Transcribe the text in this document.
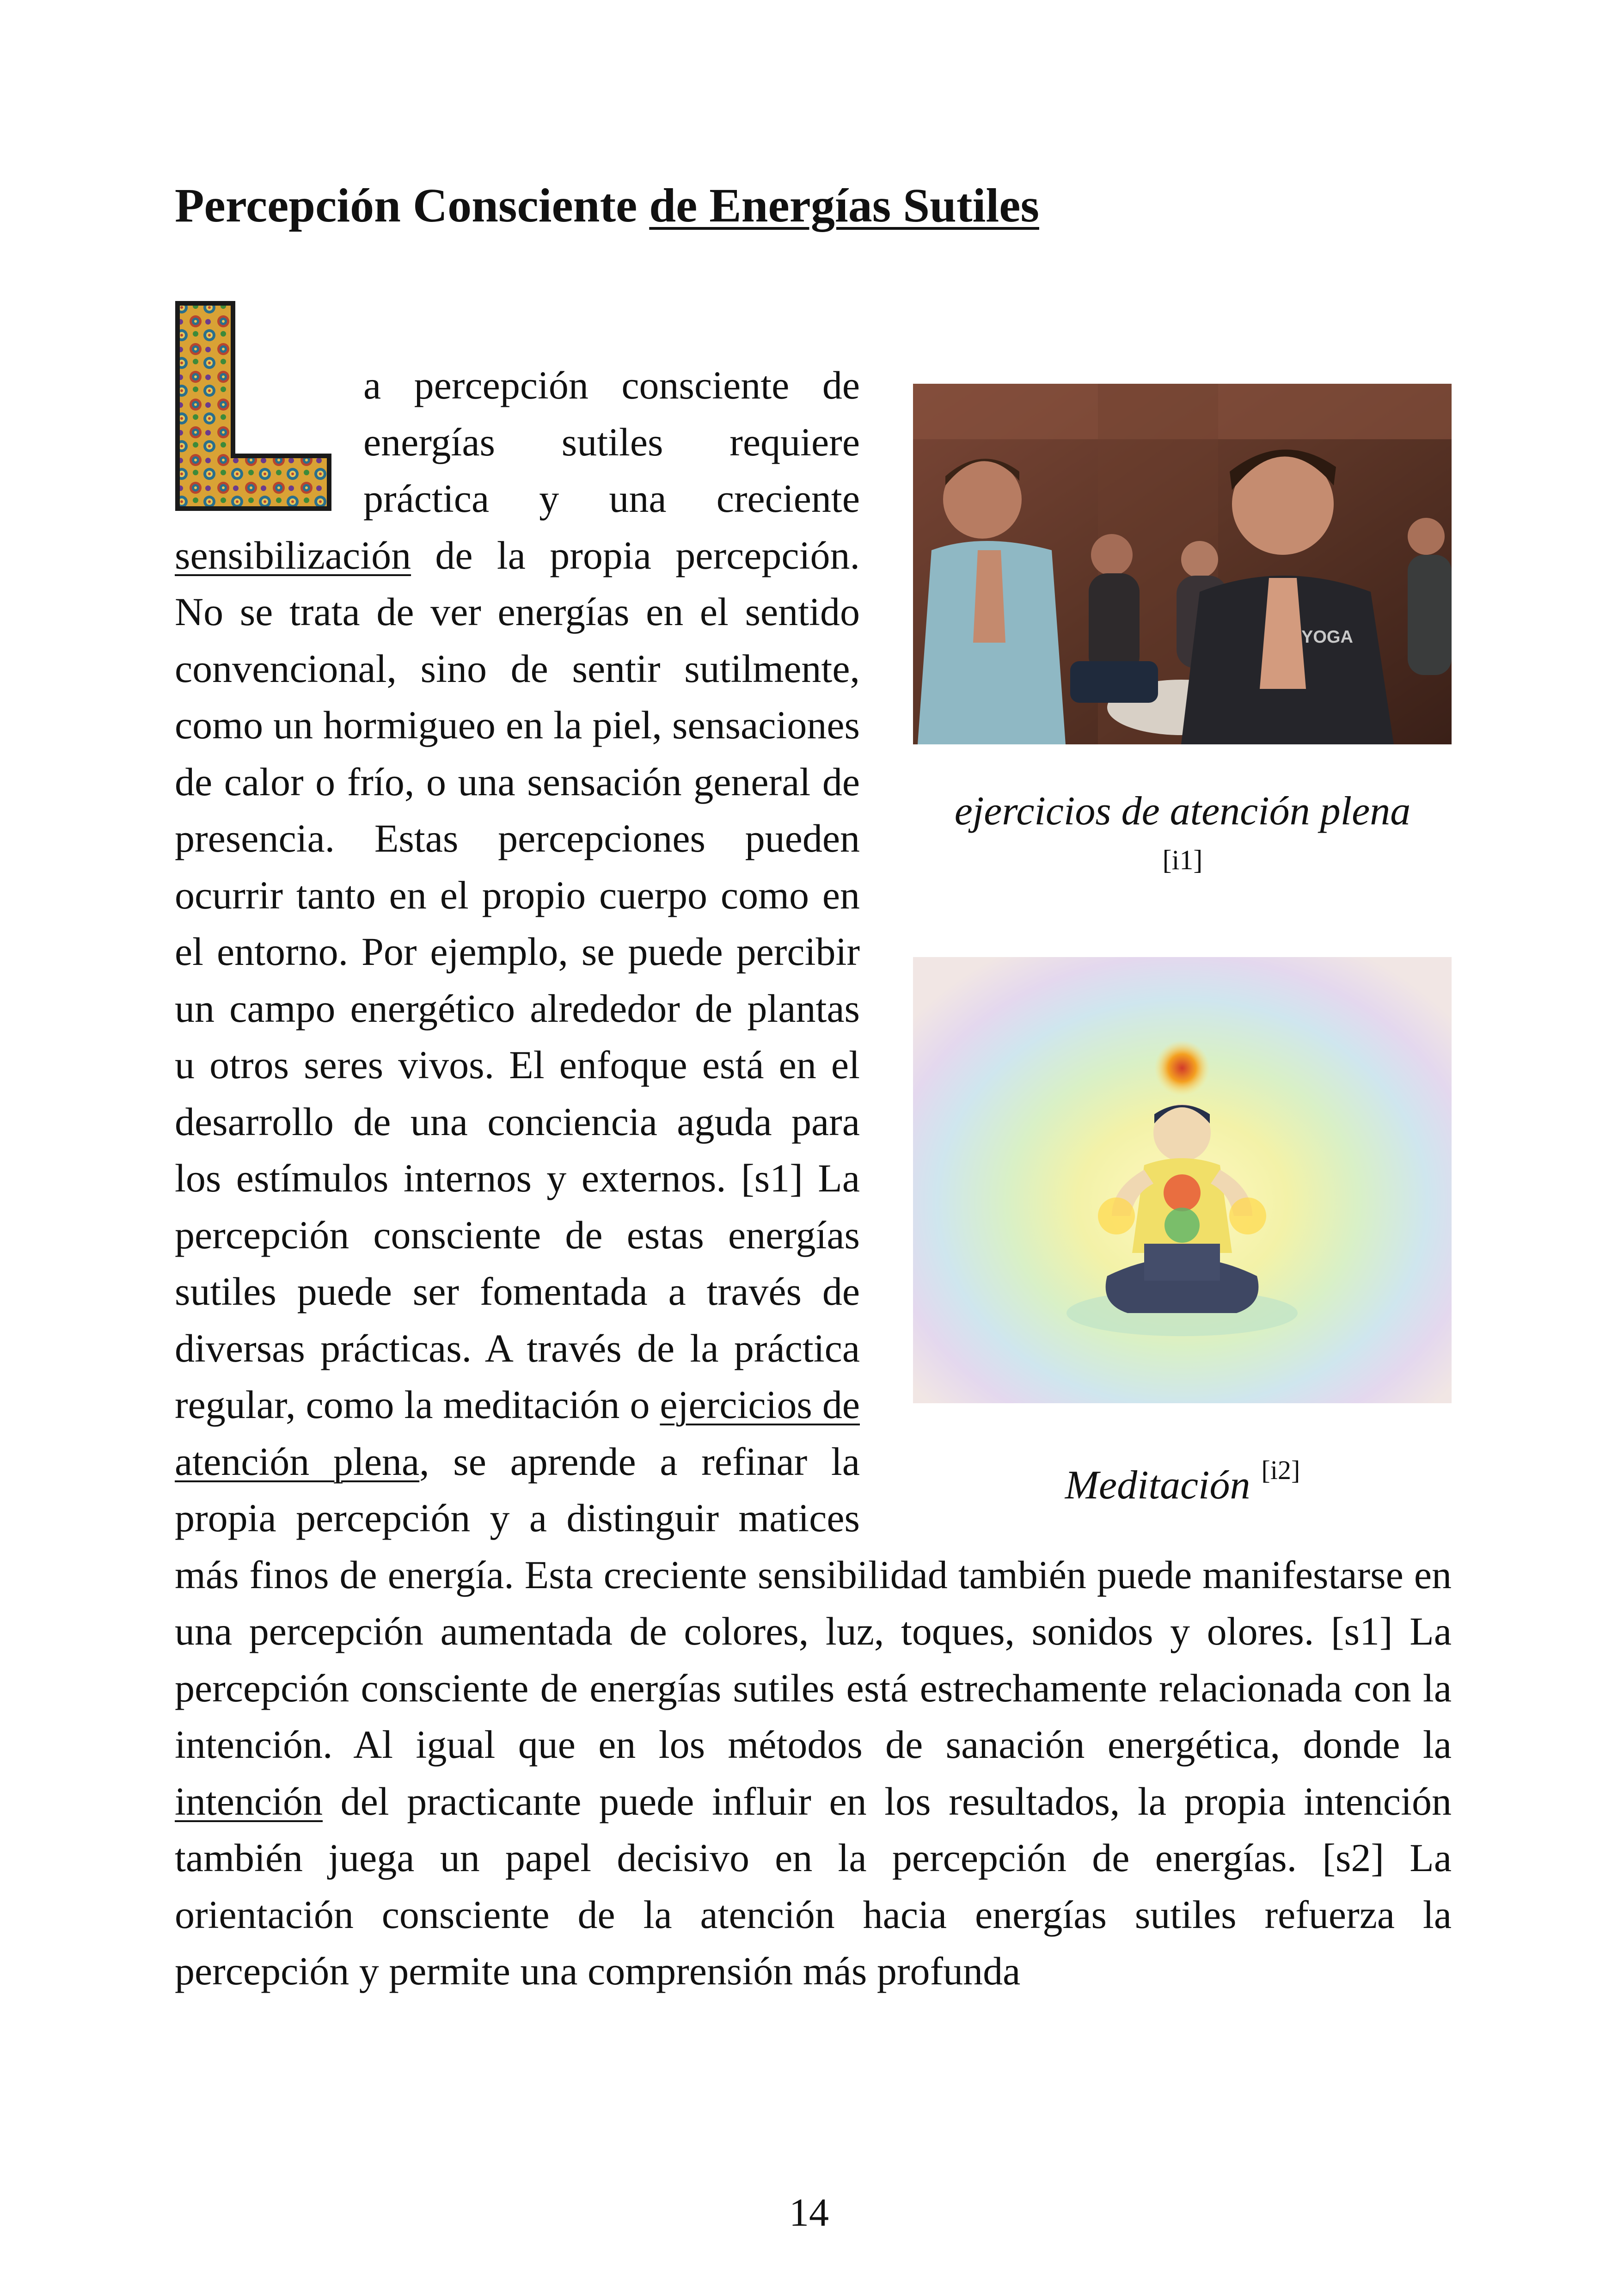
Percepción Consciente de Energías Sutiles
YOGA
ejercicios de atención plena
[i1]
Meditación [i2]
a percepción consciente de energías sutiles requiere práctica y una creciente sensibilización de la propia percepción. No se trata de ver energías en el sentido convencional, sino de sentir sutilmente, como un hormigueo en la piel, sensaciones de calor o frío, o una sensación general de presencia. Estas percepciones pueden ocurrir tanto en el propio cuerpo como en el entorno. Por ejemplo, se puede percibir un campo energético alrededor de plantas u otros seres vivos. El enfoque está en el desarrollo de una conciencia aguda para los estímulos internos y externos. [s1] La percepción consciente de estas energías sutiles puede ser fomentada a través de diversas prácticas. A través de la práctica regular, como la meditación o ejercicios de atención plena, se aprende a refinar la propia percepción y a distinguir matices más finos de energía. Esta creciente sensibilidad también puede manifestarse en una percepción aumentada de colores, luz, toques, sonidos y olores. [s1] La percepción consciente de energías sutiles está estrechamente relacionada con la intención. Al igual que en los métodos de sanación energética, donde la intención del practicante puede influir en los resultados, la propia intención también juega un papel decisivo en la percepción de energías. [s2] La orientación consciente de la atención hacia energías sutiles refuerza la percepción y permite una comprensión más profunda
14
